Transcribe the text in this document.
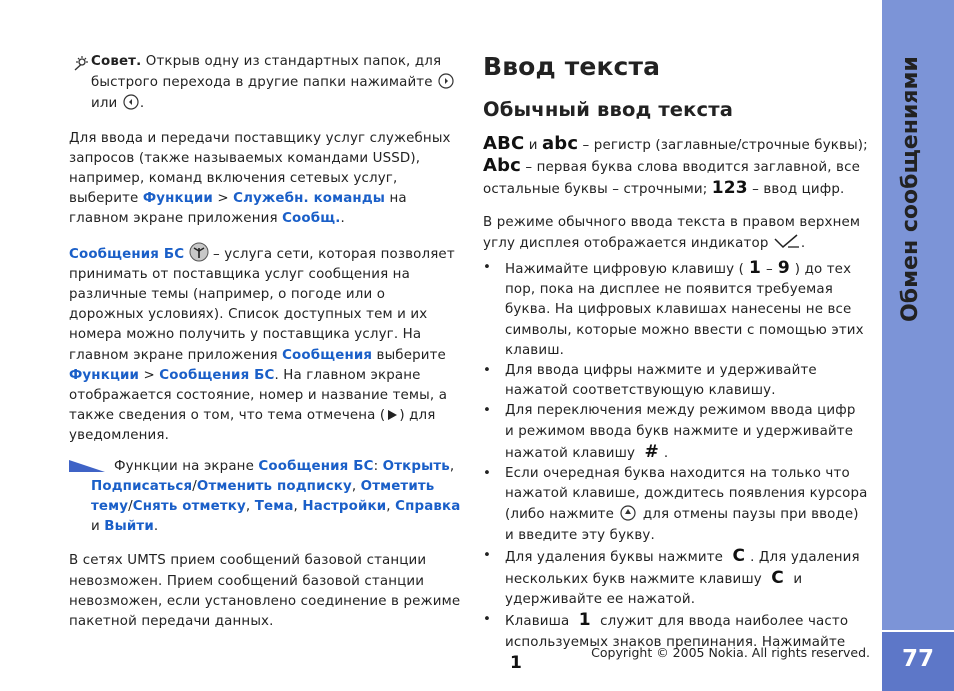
Совет. Открыв одну из стандартных папок, для быстрого перехода в другие папки нажимайте  или .

Для ввода и передачи поставщику услуг служебных запросов (также называемых командами USSD), например, команд включения сетевых услуг, выберите Функции > Служебн. команды на главном экране приложения Сообщ..

Сообщения БС  – услуга сети, которая позволяет принимать от поставщика услуг сообщения на различные темы (например, о погоде или о дорожных условиях). Список доступных тем и их номера можно получить у поставщика услуг. На главном экране приложения Сообщения выберите Функции > Сообщения БС. На главном экране отображается состояние, номер и название темы, а также сведения о том, что тема отмечена ( ) для уведомления.

Функции на экране Сообщения БС: Открыть, Подписаться/Отменить подписку, Отметить тему/Снять отметку, Тема, Настройки, Справка и Выйти.

В сетях UMTS прием сообщений базовой станции невозможен. Прием сообщений базовой станции невозможен, если установлено соединение в режиме пакетной передачи данных.

Ввод текста
Обычный ввод текста

ABC и abc – регистр (заглавные/строчные буквы); Abc – первая буква слова вводится заглавной, все остальные буквы – строчными; 123 – ввод цифр.

В режиме обычного ввода текста в правом верхнем углу дисплея отображается индикатор .

• Нажимайте цифровую клавишу ( 1 – 9 ) до тех пор, пока на дисплее не появится требуемая буква. На цифровых клавишах нанесены не все символы, которые можно ввести с помощью этих клавиш.
• Для ввода цифры нажмите и удерживайте нажатой соответствующую клавишу.
• Для переключения между режимом ввода цифр и режимом ввода букв нажмите и удерживайте нажатой клавишу # .
• Если очередная буква находится на только что нажатой клавише, дождитесь появления курсора (либо нажмите  для отмены паузы при вводе) и введите эту букву.
• Для удаления буквы нажмите C . Для удаления нескольких букв нажмите клавишу C и удерживайте ее нажатой.
• Клавиша 1 служит для ввода наиболее часто используемых знаков препинания. Нажимайте 1
Обмен сообщениями
77
Copyright © 2005 Nokia. All rights reserved.
